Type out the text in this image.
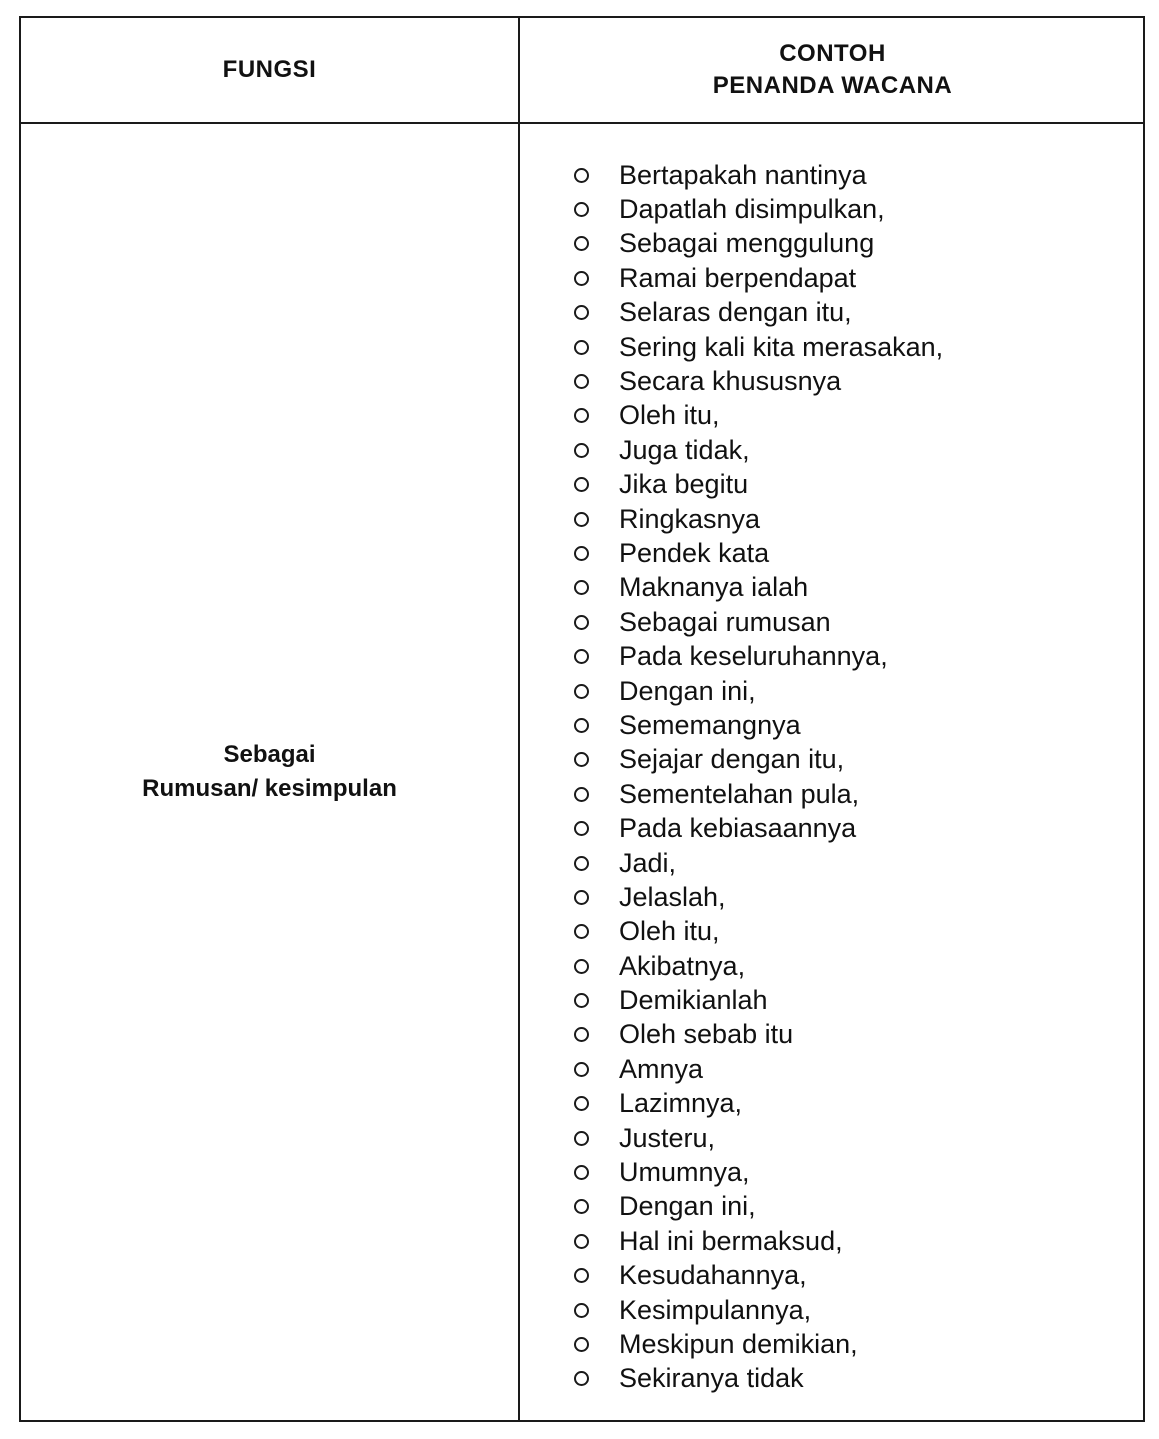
FUNGSI
CONTOH
PENANDA WACANA
Sebagai
Rumusan/ kesimpulan
Bertapakah nantinya
Dapatlah disimpulkan,
Sebagai menggulung
Ramai berpendapat
Selaras dengan itu,
Sering kali kita merasakan,
Secara khususnya
Oleh itu,
Juga tidak,
Jika begitu
Ringkasnya
Pendek kata
Maknanya ialah
Sebagai rumusan
Pada keseluruhannya,
Dengan ini,
Sememangnya
Sejajar dengan itu,
Sementelahan pula,
Pada kebiasaannya
Jadi,
Jelaslah,
Oleh itu,
Akibatnya,
Demikianlah
Oleh sebab itu
Amnya
Lazimnya,
Justeru,
Umumnya,
Dengan ini,
Hal ini bermaksud,
Kesudahannya,
Kesimpulannya,
Meskipun demikian,
Sekiranya tidak
